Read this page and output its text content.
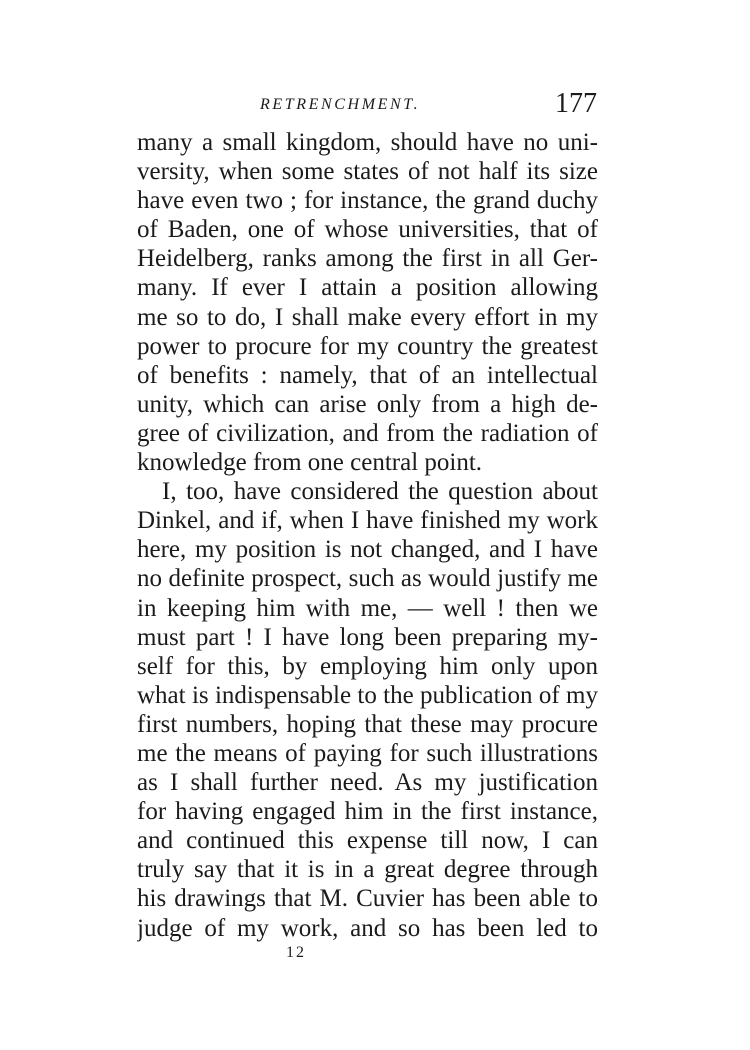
RETRENCHMENT.	177
many a small kingdom, should have no uni-
versity, when some states of not half its size
have even two ; for instance, the grand duchy
of Baden, one of whose universities, that of
Heidelberg, ranks among the first in all Ger-
many. If ever I attain a position allowing
me so to do, I shall make every effort in my
power to procure for my country the greatest
of benefits : namely, that of an intellectual
unity, which can arise only from a high de-
gree of civilization, and from the radiation of
knowledge from one central point.
I, too, have considered the question about
Dinkel, and if, when I have finished my work
here, my position is not changed, and I have
no definite prospect, such as would justify me
in keeping him with me, — well ! then we
must part ! I have long been preparing my-
self for this, by employing him only upon
what is indispensable to the publication of my
first numbers, hoping that these may procure
me the means of paying for such illustrations
as I shall further need. As my justification
for having engaged him in the first instance,
and continued this expense till now, I can
truly say that it is in a great degree through
his drawings that M. Cuvier has been able to
judge of my work, and so has been led to
12
